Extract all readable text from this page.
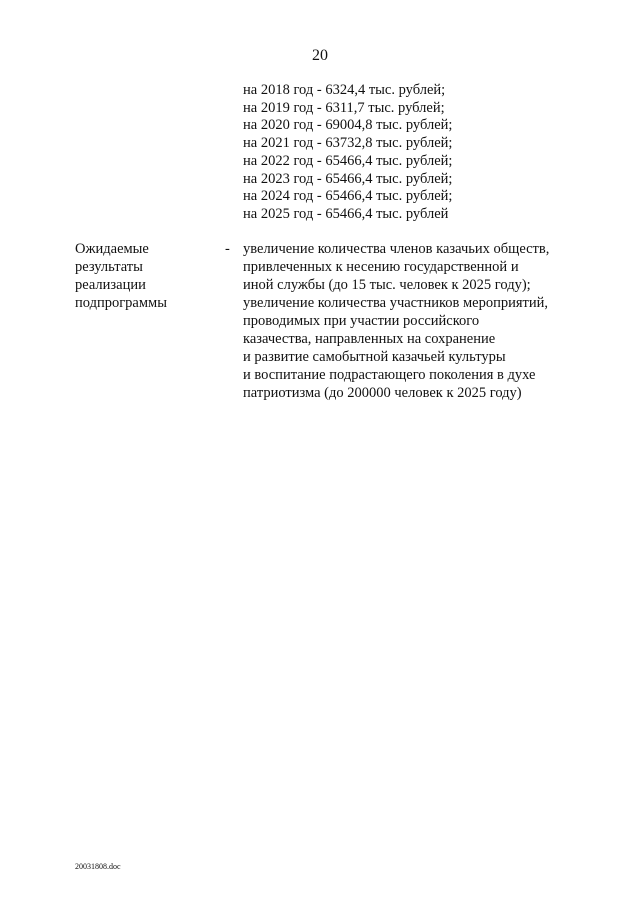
20
на 2018 год - 6324,4 тыс. рублей;
на 2019 год - 6311,7 тыс. рублей;
на 2020 год - 69004,8 тыс. рублей;
на 2021 год - 63732,8 тыс. рублей;
на 2022 год - 65466,4 тыс. рублей;
на 2023 год - 65466,4 тыс. рублей;
на 2024 год - 65466,4 тыс. рублей;
на 2025 год - 65466,4 тыс. рублей
Ожидаемые
результаты
реализации
подпрограммы
- увеличение количества членов казачьих обществ,
привлеченных к несению государственной и
иной службы (до 15 тыс. человек к 2025 году);
увеличение количества участников мероприятий,
проводимых при участии российского
казачества, направленных на сохранение
и развитие самобытной казачьей культуры
и воспитание подрастающего поколения в духе
патриотизма (до 200000 человек к 2025 году)
20031808.doc
